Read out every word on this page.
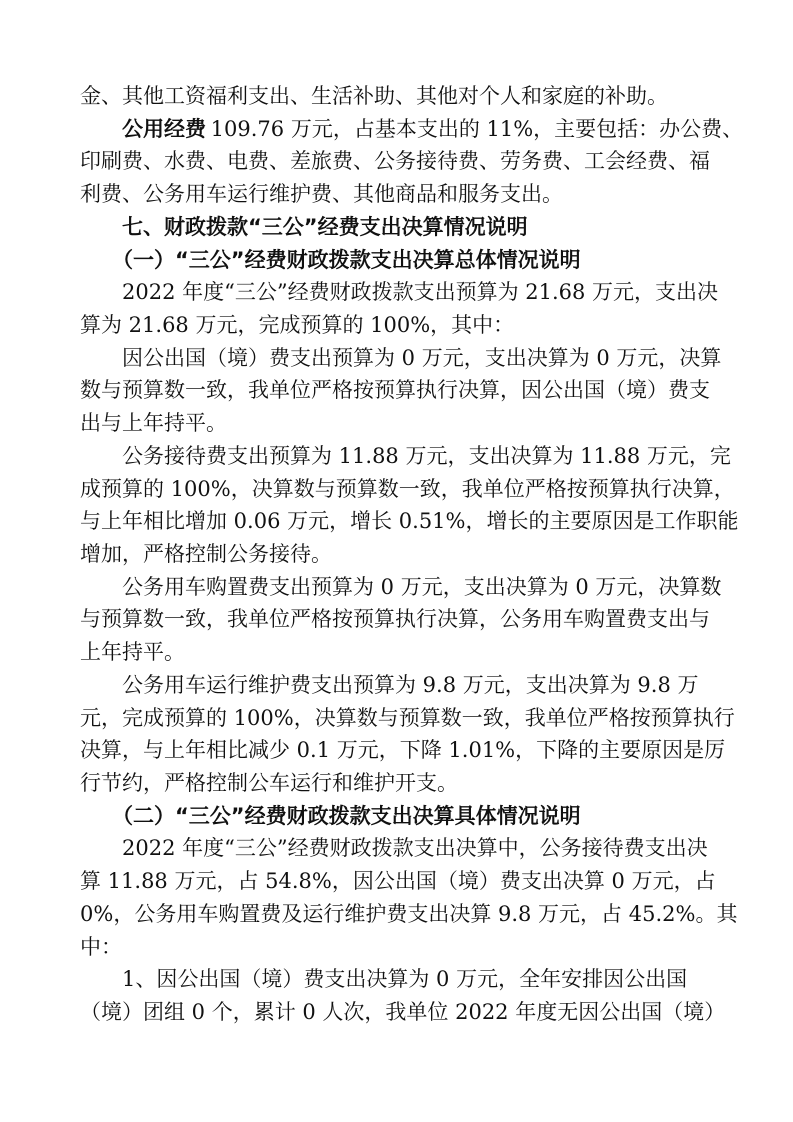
金、其他工资福利支出、生活补助、其他对个人和家庭的补助。

公用经费

109.76 万元，占基本支出的 11%，主要包括：办公费、

印刷费、水费、电费、差旅费、公务接待费、劳务费、工会经费、福

利费、公务用车运行维护费、其他商品和服务支出。

七、财政拨款“三公”经费支出决算情况说明

（一）“三公”经费财政拨款支出决算总体情况说明

2022 年度“三公”经费财政拨款支出预算为 21.68 万元，支出决

算为 21.68 万元，完成预算的 100%，其中：

因公出国（境）费支出预算为 0 万元，支出决算为 0 万元，决算

数与预算数一致，我单位严格按预算执行决算，因公出国（境）费支

出与上年持平。

公务接待费支出预算为 11.88 万元，支出决算为 11.88 万元，完

成预算的 100%，决算数与预算数一致，我单位严格按预算执行决算，

与上年相比增加 0.06 万元，增长 0.51%，增长的主要原因是工作职能

增加，严格控制公务接待。

公务用车购置费支出预算为 0 万元，支出决算为 0 万元，决算数

与预算数一致，我单位严格按预算执行决算，公务用车购置费支出与

上年持平。

公务用车运行维护费支出预算为 9.8 万元，支出决算为 9.8 万

元，完成预算的 100%，决算数与预算数一致，我单位严格按预算执行

决算，与上年相比减少 0.1 万元，下降 1.01%，下降的主要原因是厉

行节约，严格控制公车运行和维护开支。

（二）“三公”经费财政拨款支出决算具体情况说明

2022 年度“三公”经费财政拨款支出决算中，公务接待费支出决

算 11.88 万元，占 54.8%，因公出国（境）费支出决算 0 万元，占

0%，公务用车购置费及运行维护费支出决算 9.8 万元，占 45.2%。其

中：

1、因公出国（境）费支出决算为 0 万元，全年安排因公出国
（境）团组 0 个，累计 0 人次，我单位 2022 年度无因公出国（境）
